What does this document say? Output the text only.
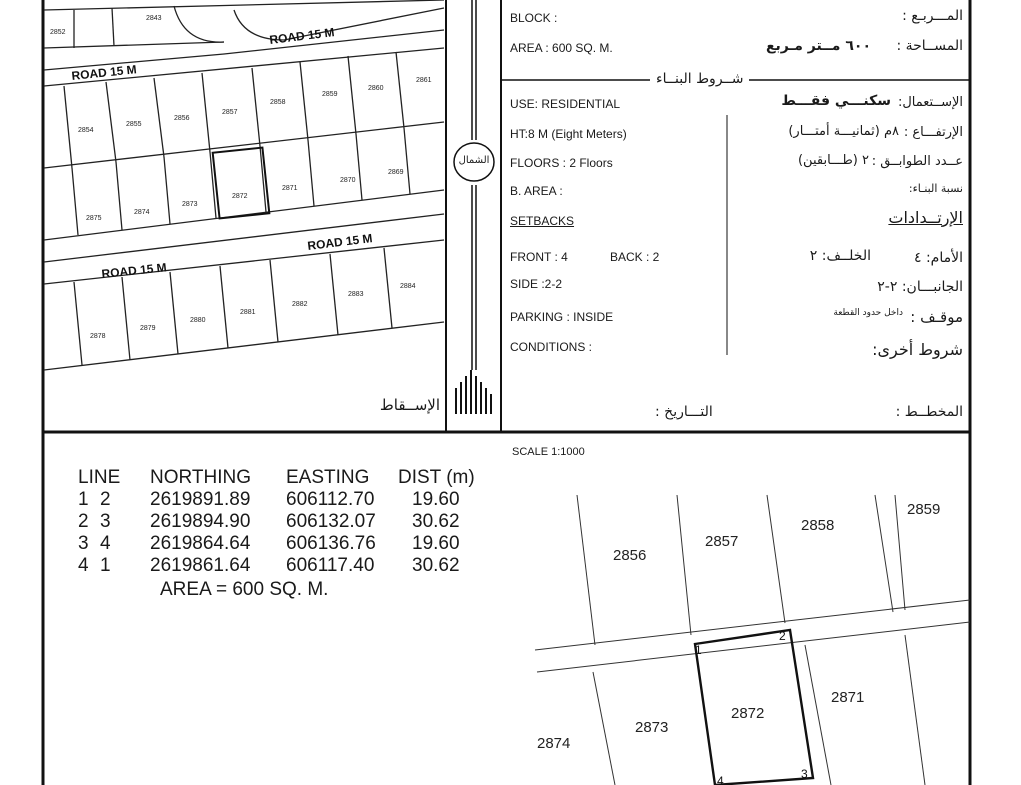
الشمال
ROAD 15 M
ROAD 15 M
ROAD 15 M
ROAD 15 M
2852
2843
2854
2855
2856
2857
2858
2859
2860
2861
2875
2874
2873
2872
2871
2870
2869
2878
2879
2880
2881
2882
2883
2884
الإســقاط
BLOCK :
AREA : 600 SQ. M.
USE: RESIDENTIAL
HT:8 M (Eight Meters)
FLOORS : 2 Floors
B. AREA :
SETBACKS
FRONT : 4	BACK : 2
SIDE :2-2
PARKING : INSIDE
CONDITIONS :
المـــربـع :
المســاحة :
٦٠٠ مــتر مـربع
شــروط البنــاء
الإســتعمال:
سكنـــي فقـــط
الإرتفـــاع :
٨م (ثمانيـــة أمتـــار)
عــدد الطوابــق :
٢ (طـــابقين)
نسبة البنـاء:
الإرتــدادات
الأمام: ٤
الخلــف: ٢
الجانبـــان: ٢-٢
موقـف :
داخل حدود القطعة
شروط أخرى:
التـــاريخ :	المخطــط :
LINE		NORTHING	EASTING	DIST (m)
1	2	2619891.89	606112.70	19.60
2	3	2619894.90	606132.07	30.62
3	4	2619864.64	606136.76	19.60
4	1	2619861.64	606117.40	30.62
AREA = 600 SQ. M.
SCALE 1:1000
2856
2857
2858
2859
2873
2872
2871
2874
1
2
3
4
